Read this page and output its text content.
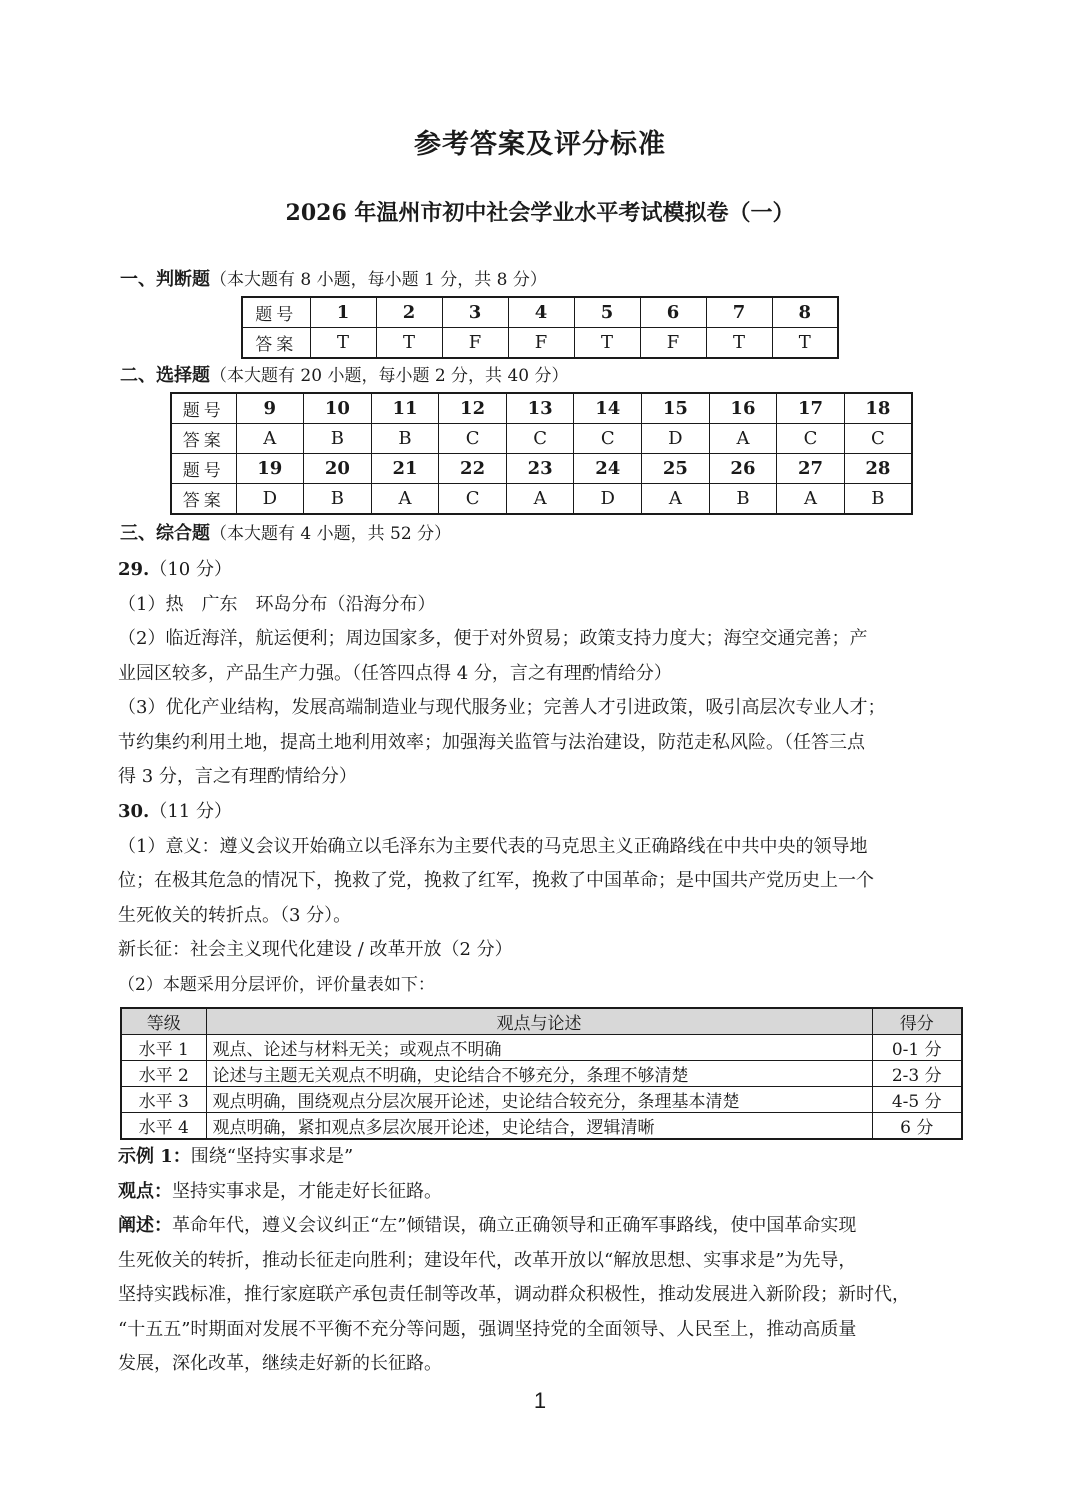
参考答案及评分标准
2026 年温州市初中社会学业水平考试模拟卷（一）
一、判断题（本大题有 8 小题，每小题 1 分，共 8 分）
题号	1	2	3	4	5	6	7	8
答案	T	T	F	F	T	F	T	T
二、选择题（本大题有 20 小题，每小题 2 分，共 40 分）
题号	9	10	11	12	13	14	15	16	17	18
答案	A	B	B	C	C	C	D	A	C	C
题号	19	20	21	22	23	24	25	26	27	28
答案	D	B	A	C	A	D	A	B	A	B
三、综合题（本大题有 4 小题，共 52 分）
29.（10 分）
（1）热　广东　环岛分布（沿海分布）
（2）临近海洋，航运便利；周边国家多，便于对外贸易；政策支持力度大；海空交通完善；产
业园区较多，产品生产力强。（任答四点得 4 分，言之有理酌情给分）
（3）优化产业结构，发展高端制造业与现代服务业；完善人才引进政策，吸引高层次专业人才；
节约集约利用土地，提高土地利用效率；加强海关监管与法治建设，防范走私风险。（任答三点
得 3 分，言之有理酌情给分）
30.（11 分）
（1）意义：遵义会议开始确立以毛泽东为主要代表的马克思主义正确路线在中共中央的领导地
位；在极其危急的情况下，挽救了党，挽救了红军，挽救了中国革命；是中国共产党历史上一个
生死攸关的转折点。（3 分）。
新长征：社会主义现代化建设 / 改革开放（2 分）
（2）本题采用分层评价，评价量表如下：
等级	观点与论述	得分
水平 1	观点、论述与材料无关；或观点不明确	0-1 分
水平 2	论述与主题无关观点不明确，史论结合不够充分，条理不够清楚	2-3 分
水平 3	观点明确，围绕观点分层次展开论述，史论结合较充分，条理基本清楚	4-5 分
水平 4	观点明确，紧扣观点多层次展开论述，史论结合，逻辑清晰	6 分
示例 1：围绕“坚持实事求是”
观点：坚持实事求是，才能走好长征路。
阐述：革命年代，遵义会议纠正“左”倾错误，确立正确领导和正确军事路线，使中国革命实现
生死攸关的转折，推动长征走向胜利；建设年代，改革开放以“解放思想、实事求是”为先导，
坚持实践标准，推行家庭联产承包责任制等改革，调动群众积极性，推动发展进入新阶段；新时代，
“十五五”时期面对发展不平衡不充分等问题，强调坚持党的全面领导、人民至上，推动高质量
发展，深化改革，继续走好新的长征路。
1
